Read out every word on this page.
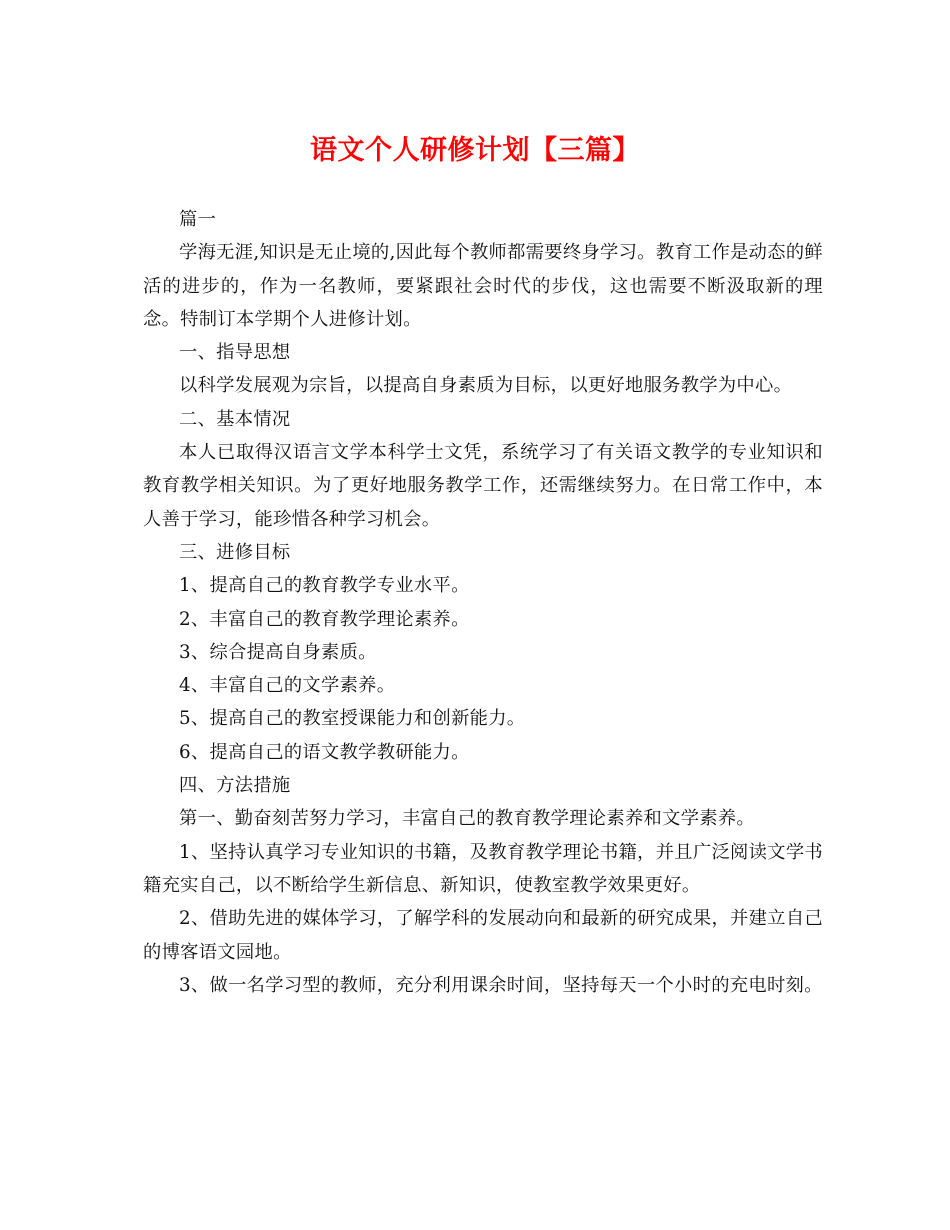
语文个人研修计划【三篇】

篇一

学海无涯,知识是无止境的,因此每个教师都需要终身学习。教育工作是动态的鲜活的进步的，作为一名教师，要紧跟社会时代的步伐，这也需要不断汲取新的理念。特制订本学期个人进修计划。

一、指导思想

以科学发展观为宗旨，以提高自身素质为目标，以更好地服务教学为中心。

二、基本情况

本人已取得汉语言文学本科学士文凭，系统学习了有关语文教学的专业知识和教育教学相关知识。为了更好地服务教学工作，还需继续努力。在日常工作中，本人善于学习，能珍惜各种学习机会。

三、进修目标

1、提高自己的教育教学专业水平。

2、丰富自己的教育教学理论素养。

3、综合提高自身素质。

4、丰富自己的文学素养。

5、提高自己的教室授课能力和创新能力。

6、提高自己的语文教学教研能力。

四、方法措施

第一、勤奋刻苦努力学习，丰富自己的教育教学理论素养和文学素养。

1、坚持认真学习专业知识的书籍，及教育教学理论书籍，并且广泛阅读文学书籍充实自己，以不断给学生新信息、新知识，使教室教学效果更好。

2、借助先进的媒体学习，了解学科的发展动向和最新的研究成果，并建立自己的博客语文园地。

3、做一名学习型的教师，充分利用课余时间，坚持每天一个小时的充电时刻。
